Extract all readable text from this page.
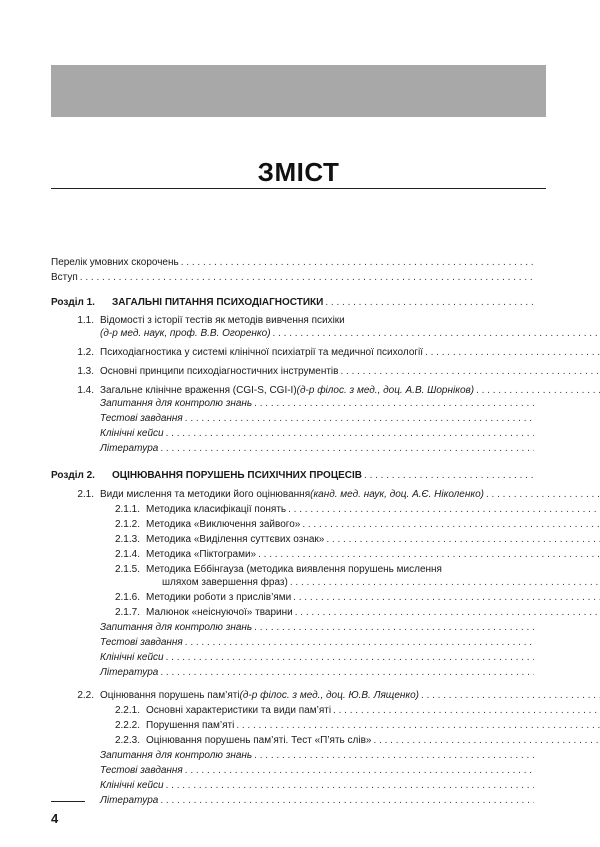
ЗМІСТ
Перелік умовних скорочень
. . .
Вступ
. . .
Розділ 1.	ЗАГАЛЬНІ ПИТАННЯ ПСИХОДІАГНОСТИКИ
. . .
1.1. Відомості з історії тестів як методів вивчення психіки
(д-р мед. наук, проф. В.В. Огоренко)
. . .
1.2. Психодіагностика у системі клінічної психіатрії та медичної психології
. . .
1.3. Основні принципи психодіагностичних інструментів
. . .
1.4. Загальне клінічне враження (CGI-S, CGI-I) (д-р філос. з мед., доц. А.В. Шорніков)
. . .
Запитання для контролю знань
. . .
Тестові завдання
. . .
Клінічні кейси
. . .
Література
. . .
Розділ 2.	ОЦІНЮВАННЯ ПОРУШЕНЬ ПСИХІЧНИХ ПРОЦЕСІВ
. . .
2.1. Види мислення та методики його оцінювання (канд. мед. наук, доц. А.Є. Ніколенко)
. . .
2.1.1. Методика класифікації понять
. . .
2.1.2. Методика «Виключення зайвого»
. . .
2.1.3. Методика «Виділення суттєвих ознак»
. . .
2.1.4. Методика «Піктограми»
. . .
2.1.5. Методика Еббінгауза (методика виявлення порушень мислення
шляхом завершення фраз)
. . .
2.1.6. Методики роботи з прислів’ями
. . .
2.1.7. Малюнок «неіснуючої» тварини
. . .
Запитання для контролю знань
. . .
Тестові завдання
. . .
Клінічні кейси
. . .
Література
. . .
2.2. Оцінювання порушень пам’яті (д-р філос. з мед., доц. Ю.В. Лященко)
. . .
2.2.1. Основні характеристики та види пам’яті
. . .
2.2.2. Порушення пам’яті
. . .
2.2.3. Оцінювання порушень пам’яті. Тест «П’ять слів»
. . .
Запитання для контролю знань
. . .
Тестові завдання
. . .
Клінічні кейси
. . .
Література
. . .
4
